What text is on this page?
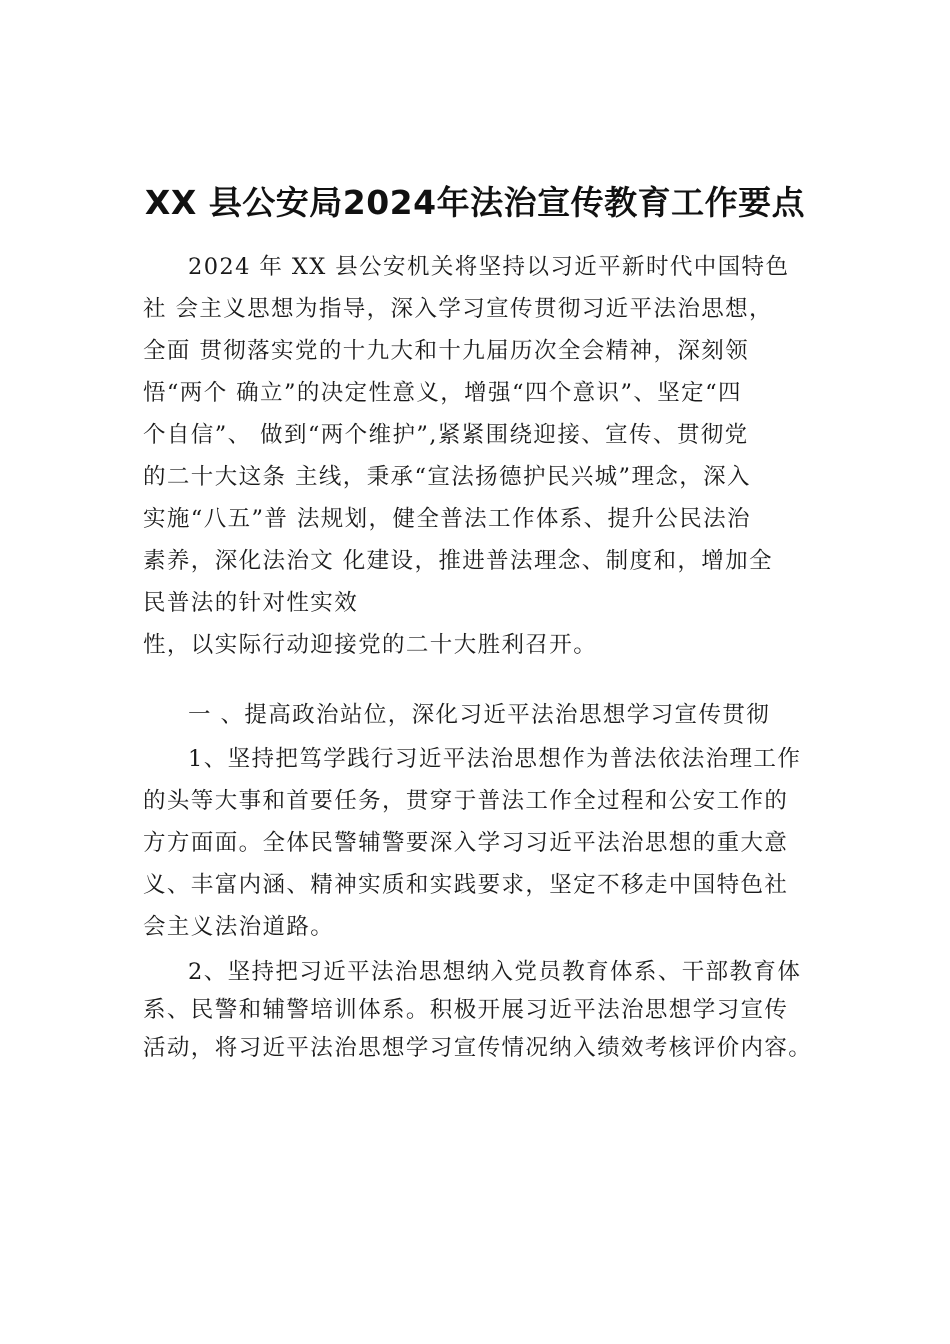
XX 县公安局2024年法治宣传教育工作要点
2024 年 XX 县公安机关将坚持以习近平新时代中国特色
社 会主义思想为指导，深入学习宣传贯彻习近平法治思想，
全面 贯彻落实党的十九大和十九届历次全会精神，深刻领
悟“两个 确立”的决定性意义，增强“四个意识”、坚定“四
个自信”、 做到“两个维护”,紧紧围绕迎接、宣传、贯彻党
的二十大这条 主线，秉承“宣法扬德护民兴城”理念，深入
实施“八五”普 法规划，健全普法工作体系、提升公民法治
素养，深化法治文 化建设，推进普法理念、制度和，增加全
民普法的针对性实效
性，以实际行动迎接党的二十大胜利召开。
一 、提高政治站位，深化习近平法治思想学习宣传贯彻
1、坚持把笃学践行习近平法治思想作为普法依法治理工作
的头等大事和首要任务，贯穿于普法工作全过程和公安工作的
方方面面。全体民警辅警要深入学习习近平法治思想的重大意
义、丰富内涵、精神实质和实践要求，坚定不移走中国特色社
会主义法治道路。
2、坚持把习近平法治思想纳入党员教育体系、干部教育体
系、民警和辅警培训体系。积极开展习近平法治思想学习宣传
活动，将习近平法治思想学习宣传情况纳入绩效考核评价内容。
